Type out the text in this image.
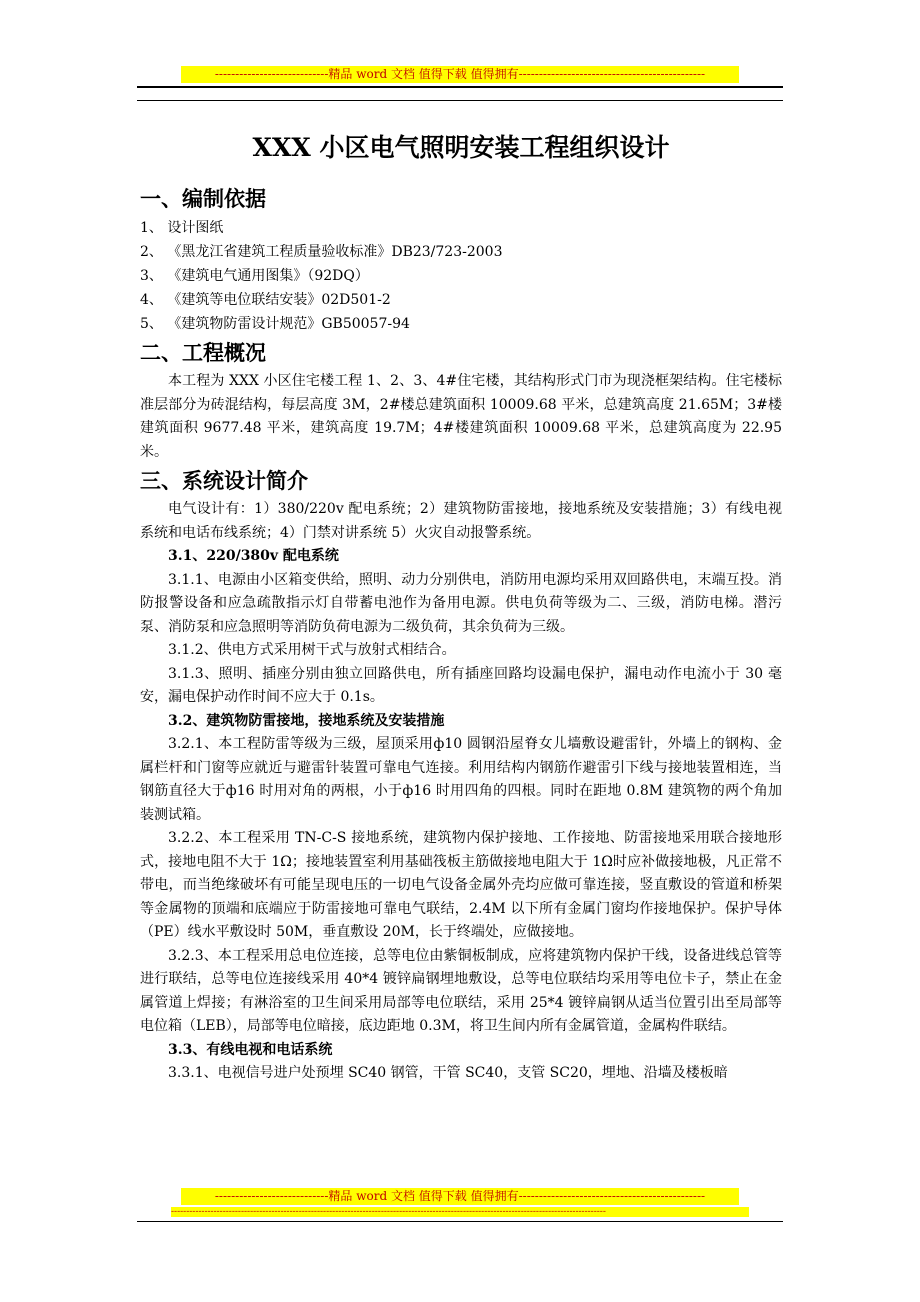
----------------------------精品 word 文档 值得下载 值得拥有----------------------------------------------
XXX 小区电气照明安装工程组织设计
一、编制依据
1、 设计图纸
2、 《黑龙江省建筑工程质量验收标准》DB23/723-2003
3、 《建筑电气通用图集》（92DQ）
4、 《建筑等电位联结安装》02D501-2
5、 《建筑物防雷设计规范》GB50057-94
二、工程概况

本工程为 XXX 小区住宅楼工程 1、2、3、4#住宅楼，其结构形式门市为现浇框架结构。住宅楼标准层部分为砖混结构，每层高度 3M，2#楼总建筑面积 10009.68 平米，总建筑高度 21.65M；3#楼建筑面积 9677.48 平米，建筑高度 19.7M；4#楼建筑面积 10009.68 平米，总建筑高度为 22.95 米。

三、系统设计简介

电气设计有：1）380/220v 配电系统；2）建筑物防雷接地，接地系统及安装措施；3）有线电视系统和电话布线系统；4）门禁对讲系统 5）火灾自动报警系统。

3.1、220/380v 配电系统

3.1.1、电源由小区箱变供给，照明、动力分别供电，消防用电源均采用双回路供电，末端互投。消防报警设备和应急疏散指示灯自带蓄电池作为备用电源。供电负荷等级为二、三级，消防电梯。潜污泵、消防泵和应急照明等消防负荷电源为二级负荷，其余负荷为三级。

3.1.2、供电方式采用树干式与放射式相结合。

3.1.3、照明、插座分别由独立回路供电，所有插座回路均设漏电保护，漏电动作电流小于 30 毫安，漏电保护动作时间不应大于 0.1s。

3.2、建筑物防雷接地，接地系统及安装措施

3.2.1、本工程防雷等级为三级，屋顶采用ф10 圆钢沿屋脊女儿墙敷设避雷针，外墙上的钢构、金属栏杆和门窗等应就近与避雷针装置可靠电气连接。利用结构内钢筋作避雷引下线与接地装置相连，当钢筋直径大于ф16 时用对角的两根，小于ф16 时用四角的四根。同时在距地 0.8M 建筑物的两个角加装测试箱。

3.2.2、本工程采用 TN-C-S 接地系统，建筑物内保护接地、工作接地、防雷接地采用联合接地形式，接地电阻不大于 1Ω；接地装置室利用基础筏板主筋做接地电阻大于 1Ω时应补做接地极，凡正常不带电，而当绝缘破坏有可能呈现电压的一切电气设备金属外壳均应做可靠连接，竖直敷设的管道和桥架等金属物的顶端和底端应于防雷接地可靠电气联结，2.4M 以下所有金属门窗均作接地保护。保护导体（PE）线水平敷设时 50M，垂直敷设 20M，长于终端处，应做接地。

3.2.3、本工程采用总电位连接，总等电位由紫铜板制成，应将建筑物内保护干线，设备进线总管等进行联结，总等电位连接线采用 40*4 镀锌扁钢埋地敷设，总等电位联结均采用等电位卡子，禁止在金属管道上焊接；有淋浴室的卫生间采用局部等电位联结，采用 25*4 镀锌扁钢从适当位置引出至局部等电位箱（LEB），局部等电位暗接，底边距地 0.3M，将卫生间内所有金属管道，金属构件联结。

3.3、有线电视和电话系统

3.3.1、电视信号进户处预埋 SC40 钢管，干管 SC40，支管 SC20，埋地、沿墙及楼板暗

----------------------------精品 word 文档 值得下载 值得拥有----------------------------------------------
-----------------------------------------------------------------------------------------------------------------------------------------------
